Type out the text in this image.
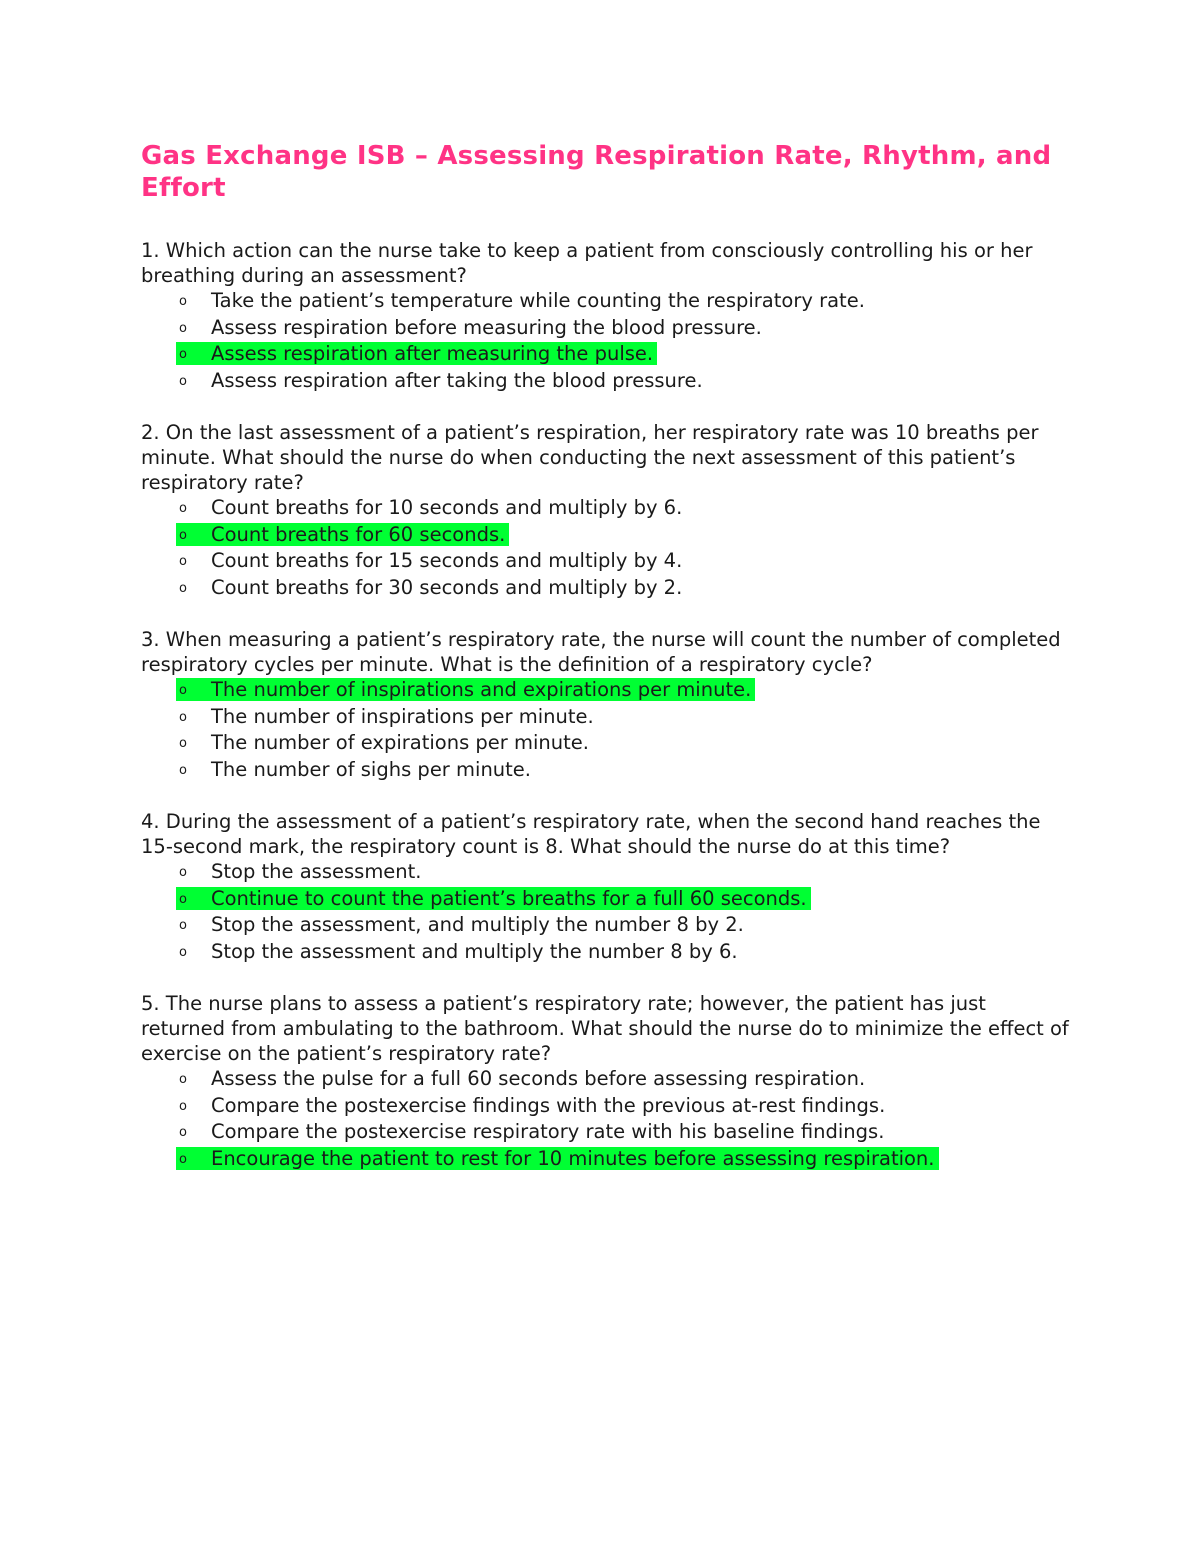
Gas Exchange ISB – Assessing Respiration Rate, Rhythm, and Effort

1. Which action can the nurse take to keep a patient from consciously controlling his or her breathing during an assessment?

o Take the patient’s temperature while counting the respiratory rate.
o Assess respiration before measuring the blood pressure.
o Assess respiration after measuring the pulse.
o Assess respiration after taking the blood pressure.

2. On the last assessment of a patient’s respiration, her respiratory rate was 10 breaths per minute. What should the nurse do when conducting the next assessment of this patient’s respiratory rate?

o Count breaths for 10 seconds and multiply by 6.
o Count breaths for 60 seconds.
o Count breaths for 15 seconds and multiply by 4.
o Count breaths for 30 seconds and multiply by 2.

3. When measuring a patient’s respiratory rate, the nurse will count the number of completed respiratory cycles per minute. What is the definition of a respiratory cycle?

o The number of inspirations and expirations per minute.
o The number of inspirations per minute.
o The number of expirations per minute.
o The number of sighs per minute.

4. During the assessment of a patient’s respiratory rate, when the second hand reaches the 15-second mark, the respiratory count is 8. What should the nurse do at this time?

o Stop the assessment.
o Continue to count the patient’s breaths for a full 60 seconds.
o Stop the assessment, and multiply the number 8 by 2.
o Stop the assessment and multiply the number 8 by 6.

5. The nurse plans to assess a patient’s respiratory rate; however, the patient has just returned from ambulating to the bathroom. What should the nurse do to minimize the effect of exercise on the patient’s respiratory rate?

o Assess the pulse for a full 60 seconds before assessing respiration.
o Compare the postexercise findings with the previous at-rest findings.
o Compare the postexercise respiratory rate with his baseline findings.
o Encourage the patient to rest for 10 minutes before assessing respiration.
